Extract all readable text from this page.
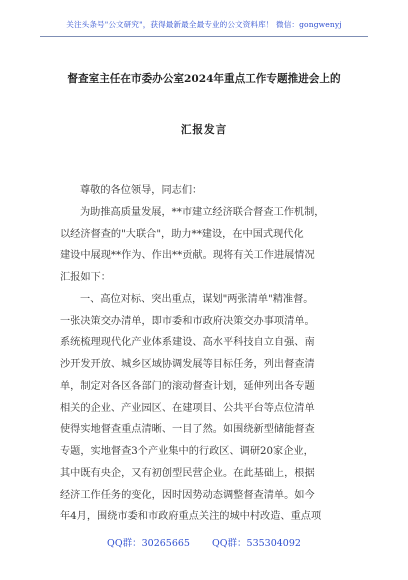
关注头条号"公文研究"，获得最新最全最专业的公文资料库！ 微信：gongwenyj
督查室主任在市委办公室2024年重点工作专题推进会上的
汇报发言

尊敬的各位领导，同志们：

为助推高质量发展，**市建立经济联合督查工作机制，

以经济督查的"大联合"，助力**建设，在中国式现代化

建设中展现**作为、作出**贡献。现将有关工作进展情况

汇报如下：

一、高位对标、突出重点，谋划"两张清单"精准督。

一张决策交办清单，即市委和市政府决策交办事项清单。

系统梳理现代化产业体系建设、高水平科技自立自强、南

沙开发开放、城乡区域协调发展等目标任务，列出督查清

单，制定对各区各部门的滚动督查计划，延伸列出各专题

相关的企业、产业园区、在建项目、公共平台等点位清单

使得实地督查重点清晰、一目了然。如围绕新型储能督查

专题，实地督查3个产业集中的行政区、调研20家企业，

其中既有央企，又有初创型民营企业。在此基础上，根据

经济工作任务的变化，因时因势动态调整督查清单。如今

年4月，围绕市委和市政府重点关注的城中村改造、重点项

QQ群：30265665 QQ群：535304092
